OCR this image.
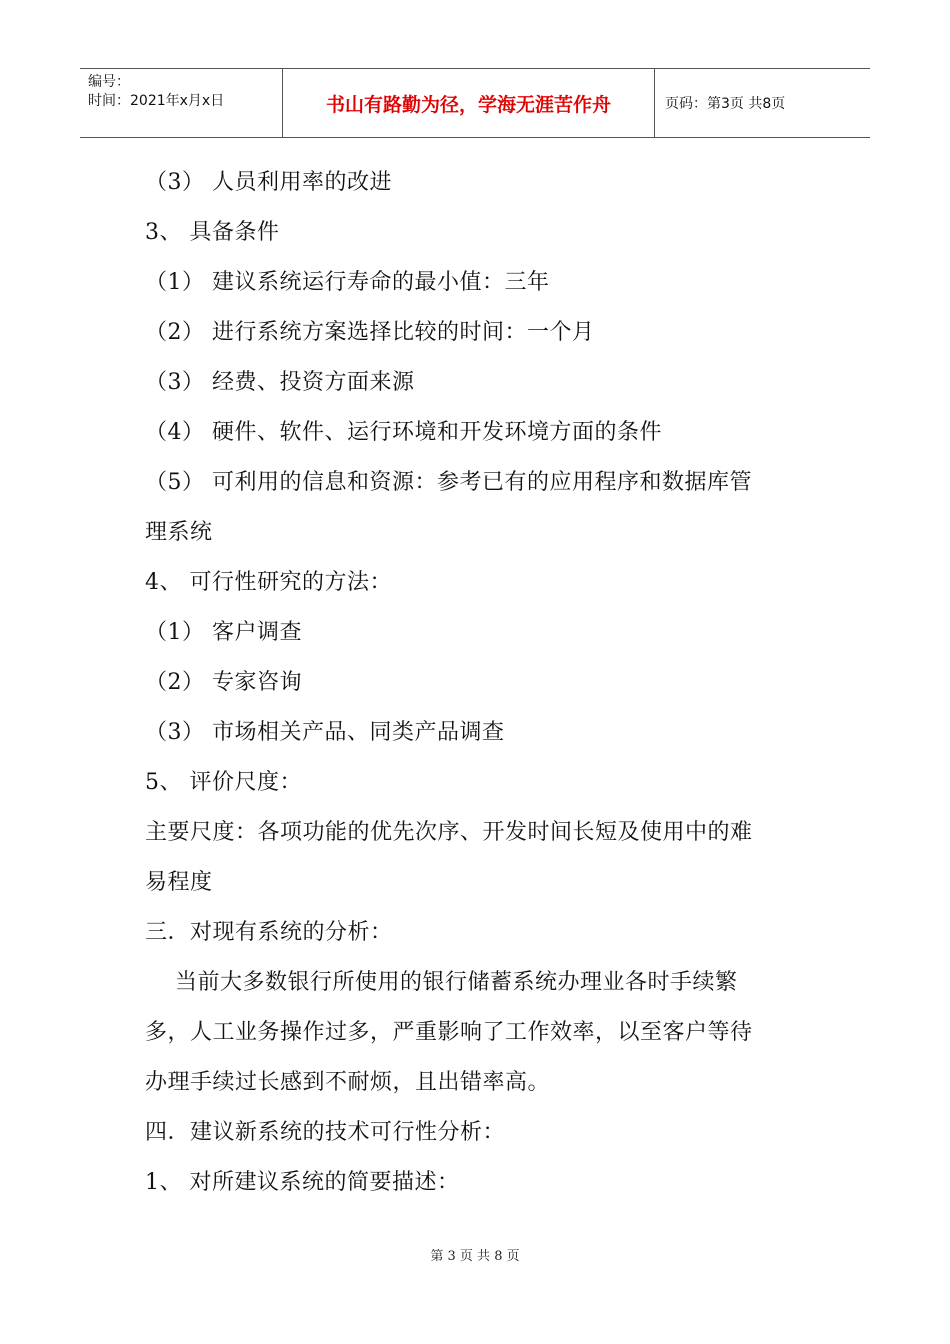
编号：
时间：2021年x月x日	书山有路勤为径，学海无涯苦作舟	页码：第3页 共8页
（3） 人员利用率的改进
3、 具备条件
（1） 建议系统运行寿命的最小值：三年
（2） 进行系统方案选择比较的时间：一个月
（3） 经费、投资方面来源
（4） 硬件、软件、运行环境和开发环境方面的条件
（5） 可利用的信息和资源：参考已有的应用程序和数据库管
理系统
4、 可行性研究的方法：
（1） 客户调查
（2） 专家咨询
（3） 市场相关产品、同类产品调查
5、 评价尺度：
主要尺度：各项功能的优先次序、开发时间长短及使用中的难
易程度
三．对现有系统的分析：
当前大多数银行所使用的银行储蓄系统办理业各时手续繁
多，人工业务操作过多，严重影响了工作效率，以至客户等待
办理手续过长感到不耐烦，且出错率高。
四．建议新系统的技术可行性分析：
1、 对所建议系统的简要描述：
第 3 页 共 8 页
